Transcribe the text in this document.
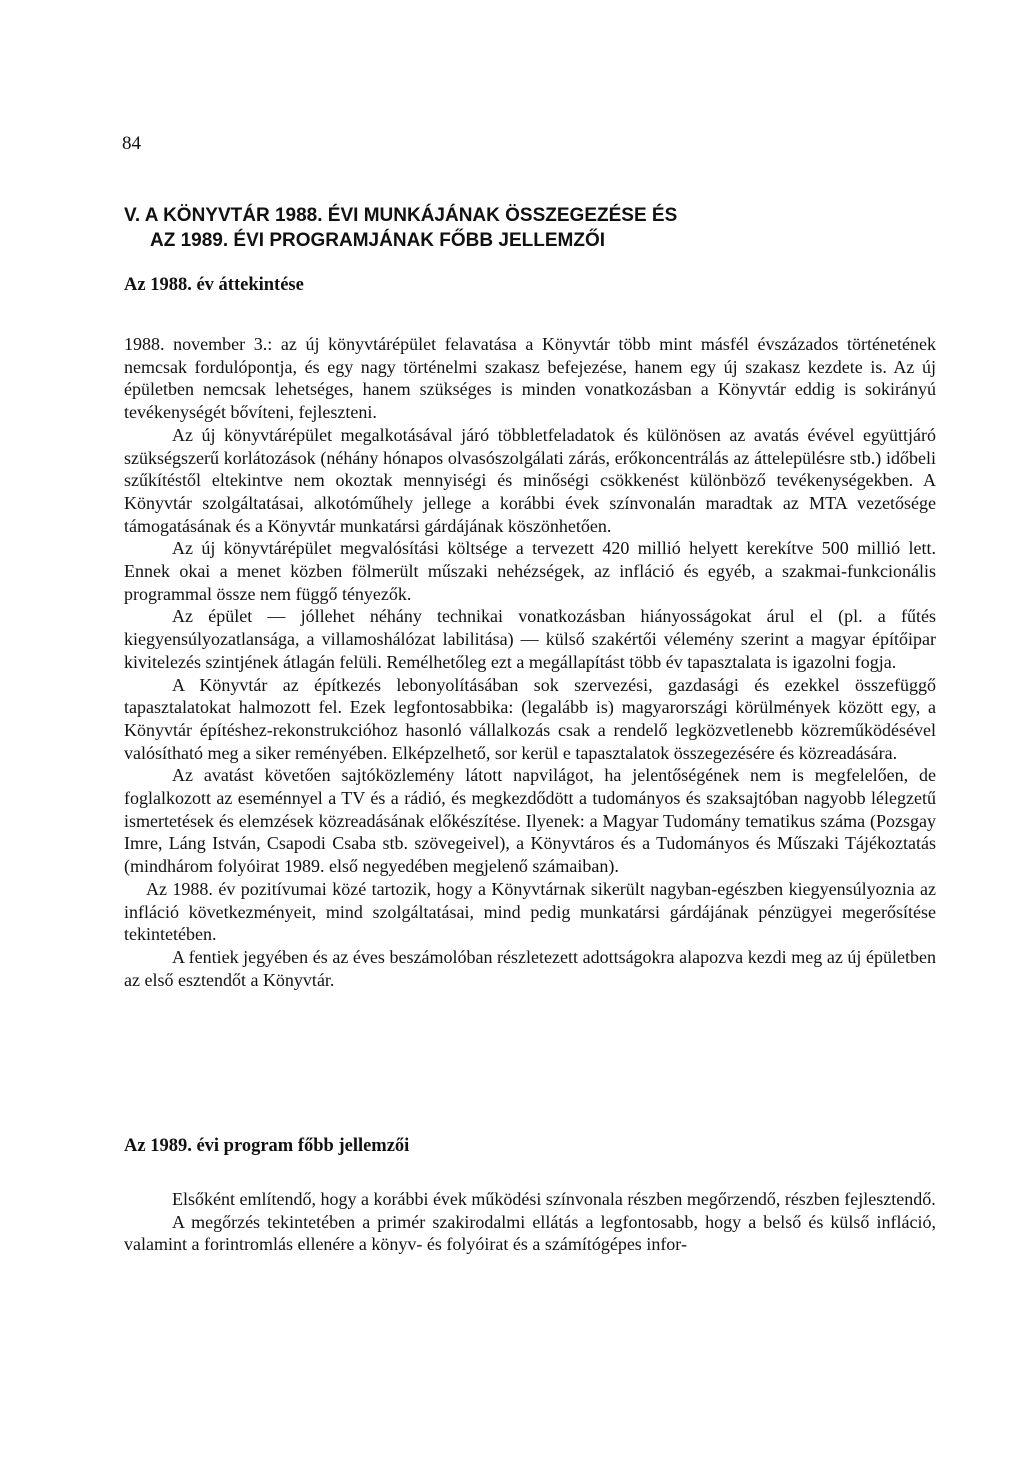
84
V. A KÖNYVTÁR 1988. ÉVI MUNKÁJÁNAK ÖSSZEGEZÉSE ÉS
AZ 1989. ÉVI PROGRAMJÁNAK FŐBB JELLEMZŐI
Az 1988. év áttekintése

1988. november 3.: az új könyvtárépület felavatása a Könyvtár több mint másfél évszázados történetének nemcsak fordulópontja, és egy nagy történelmi szakasz befejezése, hanem egy új szakasz kezdete is. Az új épületben nemcsak lehetséges, hanem szükséges is minden vonatkozásban a Könyvtár eddig is sokirányú tevékenységét bővíteni, fejleszteni.

Az új könyvtárépület megalkotásával járó többletfeladatok és különösen az avatás évével együttjáró szükségszerű korlátozások (néhány hónapos olvasószolgálati zárás, erőkoncentrálás az áttelepülésre stb.) időbeli szűkítéstől eltekintve nem okoztak mennyiségi és minőségi csökkenést különböző tevékenységekben. A Könyvtár szolgáltatásai, alkotóműhely jellege a korábbi évek színvonalán maradtak az MTA vezetősége támogatásának és a Könyvtár munkatársi gárdájának köszönhetően.

Az új könyvtárépület megvalósítási költsége a tervezett 420 millió helyett kerekítve 500 millió lett. Ennek okai a menet közben fölmerült műszaki nehézségek, az infláció és egyéb, a szakmai-funkcionális programmal össze nem függő tényezők.

Az épület — jóllehet néhány technikai vonatkozásban hiányosságokat árul el (pl. a fűtés kiegyensúlyozatlansága, a villamoshálózat labilitása) — külső szakértői vélemény szerint a magyar építőipar kivitelezés szintjének átlagán felüli. Remélhetőleg ezt a megállapítást több év tapasztalata is igazolni fogja.

A Könyvtár az építkezés lebonyolításában sok szervezési, gazdasági és ezekkel összefüggő tapasztalatokat halmozott fel. Ezek legfontosabbika: (legalább is) magyarországi körülmények között egy, a Könyvtár építéshez-rekonstrukcióhoz hasonló vállalkozás csak a rendelő legközvetlenebb közreműködésével valósítható meg a siker reményében. Elképzelhető, sor kerül e tapasztalatok összegezésére és közreadására.

Az avatást követően sajtóközlemény látott napvilágot, ha jelentőségének nem is megfelelően, de foglalkozott az eseménnyel a TV és a rádió, és megkezdődött a tudományos és szaksajtóban nagyobb lélegzetű ismertetések és elemzések közreadásának előkészítése. Ilyenek: a Magyar Tudomány tematikus száma (Pozsgay Imre, Láng István, Csapodi Csaba stb. szövegeivel), a Könyvtáros és a Tudományos és Műszaki Tájékoztatás (mindhárom folyóirat 1989. első negyedében megjelenő számaiban).

Az 1988. év pozitívumai közé tartozik, hogy a Könyvtárnak sikerült nagyban-egészben kiegyensúlyoznia az infláció következményeit, mind szolgáltatásai, mind pedig munkatársi gárdájának pénzügyei megerősítése tekintetében.

A fentiek jegyében és az éves beszámolóban részletezett adottságokra alapozva kezdi meg az új épületben az első esztendőt a Könyvtár.

Az 1989. évi program főbb jellemzői

Elsőként említendő, hogy a korábbi évek működési színvonala részben megőrzendő, részben fejlesztendő.

A megőrzés tekintetében a primér szakirodalmi ellátás a legfontosabb, hogy a belső és külső infláció, valamint a forintromlás ellenére a könyv- és folyóirat és a számítógépes infor-
